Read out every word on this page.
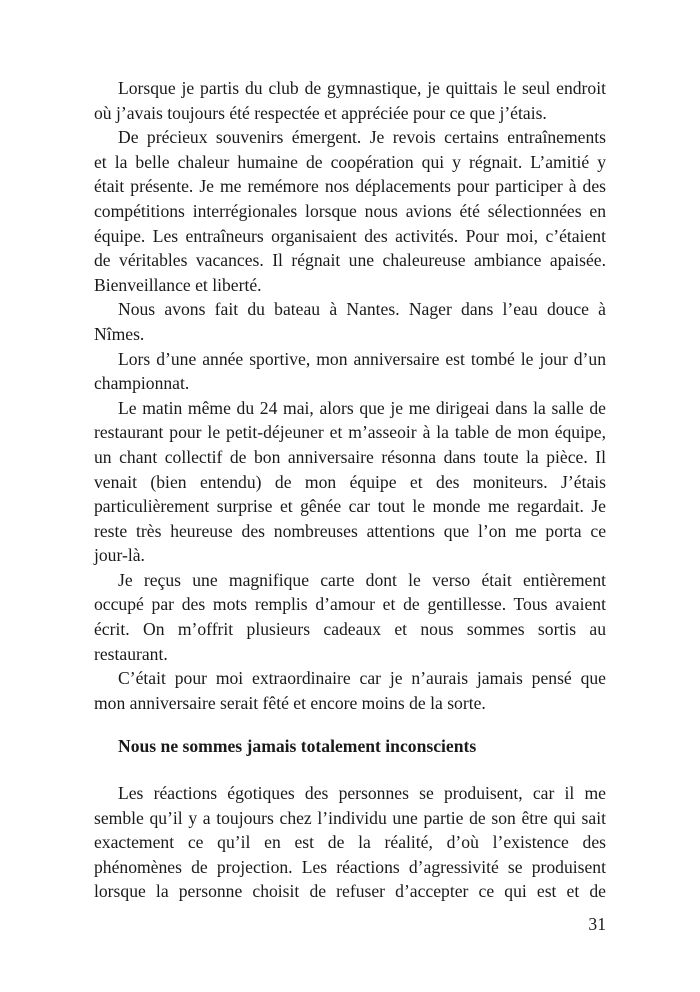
Lorsque je partis du club de gymnastique, je quittais le seul endroit
où j’avais toujours été respectée et appréciée pour ce que j’étais.
De précieux souvenirs émergent. Je revois certains entraînements
et la belle chaleur humaine de coopération qui y régnait. L’amitié y
était présente. Je me remémore nos déplacements pour participer à des
compétitions interrégionales lorsque nous avions été sélectionnées en
équipe. Les entraîneurs organisaient des activités. Pour moi, c’étaient
de véritables vacances. Il régnait une chaleureuse ambiance apaisée.
Bienveillance et liberté.
Nous avons fait du bateau à Nantes. Nager dans l’eau douce à
Nîmes.
Lors d’une année sportive, mon anniversaire est tombé le jour d’un
championnat.
Le matin même du 24 mai, alors que je me dirigeai dans la salle de
restaurant pour le petit-déjeuner et m’asseoir à la table de mon équipe,
un chant collectif de bon anniversaire résonna dans toute la pièce. Il
venait (bien entendu) de mon équipe et des moniteurs. J’étais
particulièrement surprise et gênée car tout le monde me regardait. Je
reste très heureuse des nombreuses attentions que l’on me porta ce
jour-là.
Je reçus une magnifique carte dont le verso était entièrement
occupé par des mots remplis d’amour et de gentillesse. Tous avaient
écrit. On m’offrit plusieurs cadeaux et nous sommes sortis au
restaurant.
C’était pour moi extraordinaire car je n’aurais jamais pensé que
mon anniversaire serait fêté et encore moins de la sorte.
Nous ne sommes jamais totalement inconscients
Les réactions égotiques des personnes se produisent, car il me
semble qu’il y a toujours chez l’individu une partie de son être qui sait
exactement ce qu’il en est de la réalité, d’où l’existence des
phénomènes de projection. Les réactions d’agressivité se produisent
lorsque la personne choisit de refuser d’accepter ce qui est et de
31
